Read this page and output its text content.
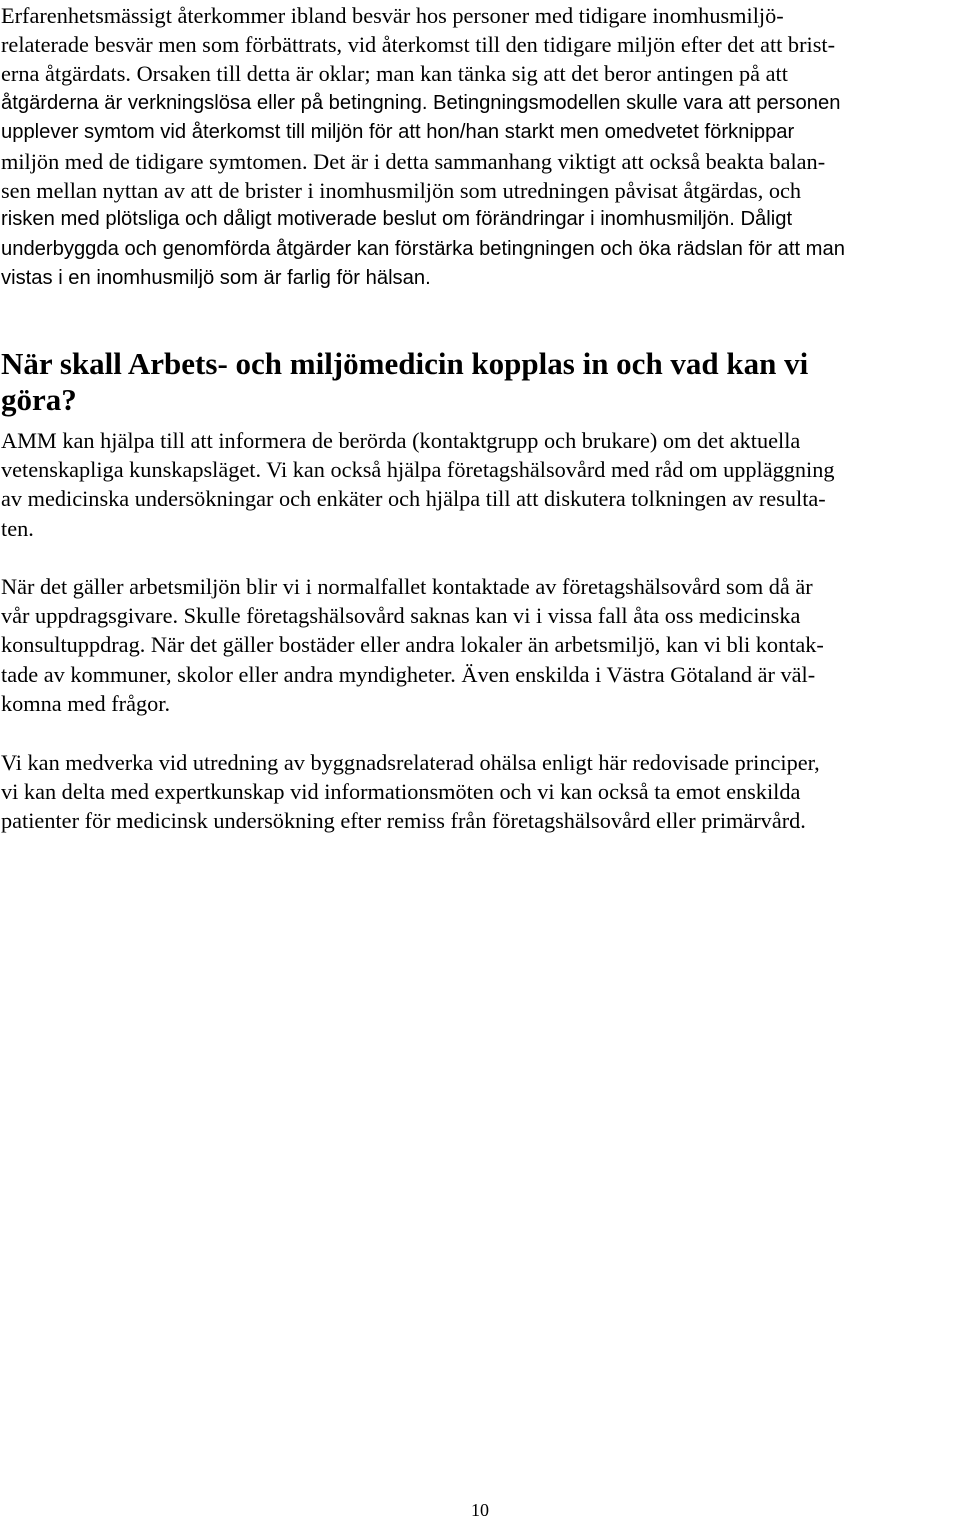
Erfarenhetsmässigt återkommer ibland besvär hos personer med tidigare inomhusmiljö-
relaterade besvär men som förbättrats, vid återkomst till den tidigare miljön efter det att brist-
erna åtgärdats. Orsaken till detta är oklar; man kan tänka sig att det beror antingen på att
åtgärderna är verkningslösa eller på betingning. Betingningsmodellen skulle vara att personen
upplever symtom vid återkomst till miljön för att hon/han starkt men omedvetet förknippar
miljön med de tidigare symtomen. Det är i detta sammanhang viktigt att också beakta balan-
sen mellan nyttan av att de brister i inomhusmiljön som utredningen påvisat åtgärdas, och
risken med plötsliga och dåligt motiverade beslut om förändringar i inomhusmiljön. Dåligt
underbyggda och genomförda åtgärder kan förstärka betingningen och öka rädslan för att man
vistas i en inomhusmiljö som är farlig för hälsan.

När skall Arbets- och miljömedicin kopplas in och vad kan vi
göra?

AMM kan hjälpa till att informera de berörda (kontaktgrupp och brukare) om det aktuella
vetenskapliga kunskapsläget. Vi kan också hjälpa företagshälsovård med råd om uppläggning
av medicinska undersökningar och enkäter och hjälpa till att diskutera tolkningen av resulta-
ten.

När det gäller arbetsmiljön blir vi i normalfallet kontaktade av företagshälsovård som då är
vår uppdragsgivare. Skulle företagshälsovård saknas kan vi i vissa fall åta oss medicinska
konsultuppdrag. När det gäller bostäder eller andra lokaler än arbetsmiljö, kan vi bli kontak-
tade av kommuner, skolor eller andra myndigheter. Även enskilda i Västra Götaland är väl-
komna med frågor.

Vi kan medverka vid utredning av byggnadsrelaterad ohälsa enligt här redovisade principer,
vi kan delta med expertkunskap vid informationsmöten och vi kan också ta emot enskilda
patienter för medicinsk undersökning efter remiss från företagshälsovård eller primärvård.

10
